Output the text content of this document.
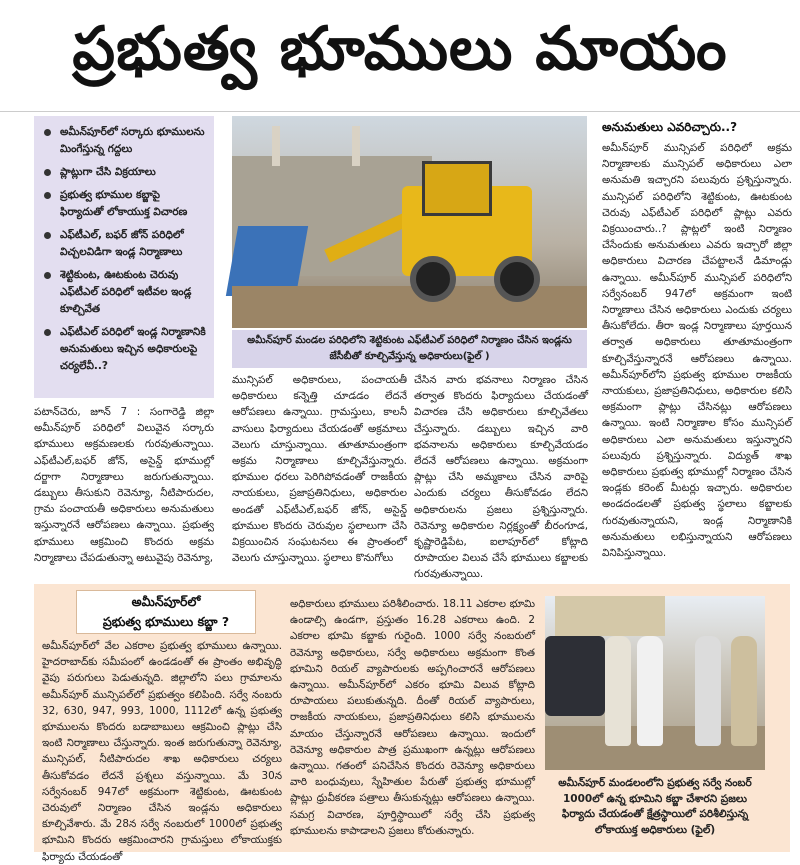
ప్రభుత్వ భూములు మాయం
అమీన్‌పూర్‌లో సర్కారు భూములను మింగేస్తున్న గద్దలు
ప్లాట్లుగా చేసి విక్రయాలు
ప్రభుత్వ భూముల కబ్జాపై ఫిర్యాదుతో లోకాయుక్త విచారణ
ఎఫ్‌టీఎల్, బఫర్ జోన్ పరిధిలో విచ్చలవిడిగా ఇండ్ల నిర్మాణాలు
శెట్టికుంట, ఊటకుంట చెరువు ఎఫ్‌టీఎల్ పరిధిలో ఇటీవల ఇండ్ల కూల్చివేత
ఎఫ్‌టీఎల్ పరిధిలో ఇండ్ల నిర్మాణానికి అనుమతులు ఇచ్చిన అధికారులపై చర్యలేవీ..?
అమీన్‌పూర్ మండల పరిధిలోని శెట్టికుంట ఎఫ్‌టీఎల్ పరిధిలో నిర్మాణం చేసిన ఇండ్లను జేసీబీతో కూల్చివేస్తున్న అధికారులు(ఫైల్ )
పటాన్‌చెరు, జూన్ 7 : సంగారెడ్డి జిల్లా అమీన్‌పూర్ పరిధిలో విలువైన సర్కారు భూములు అక్రమణలకు గురవుతున్నాయి. ఎఫ్‌టీఎల్,బఫర్ జోన్, అసైన్డ్ భూముల్లో దర్జాగా నిర్మాణాలు జరుగుతున్నాయి. డబ్బులు తీసుకుని రెవెన్యూ, నీటిపారుదల, గ్రామ పంచాయతీ అధికారులు అనుమతులు ఇస్తున్నారనే ఆరోపణలు ఉన్నాయి. ప్రభుత్వ భూములు ఆక్రమించి కొందరు అక్రమ నిర్మాణాలు చేపడుతున్నా అటువైపు రెవెన్యూ,
మున్సిపల్ అధికారులు, పంచాయతీ అధికారులు కన్నెత్తి చూడడం లేదనే ఆరోపణలు ఉన్నాయి. గ్రామస్తులు, కాలనీ వాసులు ఫిర్యాదులు చేయడంతో అక్రమాలు వెలుగు చూస్తున్నాయి. తూతూమంత్రంగా అక్రమ నిర్మాణాలు కూల్చివేస్తున్నారు. భూముల ధరలు పెరిగిపోవడంతో రాజకీయ నాయకులు, ప్రజాప్రతినిధులు, అధికారుల అండతో ఎఫ్‌టీఎల్,బఫర్ జోన్, అసైన్డ్ భూముల కొందరు చెరువుల స్థలాలుగా చేసి విక్రయించిన సంఘటనలు ఈ ప్రాంతంలో వెలుగు చూస్తున్నాయి. స్థలాలు కొనుగోలు
చేసిన వారు భవనాలు నిర్మాణం చేసిన తర్వాత కొందరు ఫిర్యాదులు చేయడంతో విచారణ చేసి అధికారులు కూల్చివేతలు చేస్తున్నారు. డబ్బులు ఇచ్చిన వారి భవనాలను అధికారులు కూల్చివేయడం లేదనే ఆరోపణలు ఉన్నాయి. అక్రమంగా ప్లాట్లు చేసి అమ్మకాలు చేసిన వారిపై ఎందుకు చర్యలు తీసుకోవడం లేదని అధికారులను ప్రజలు ప్రశ్నిస్తున్నారు. రెవెన్యూ అధికారుల నిర్లక్ష్యంతో బీరంగూడ, కృష్ణారెడ్డిపేట, ఐలాపూర్‌లో కోట్లాది రూపాయల విలువ చేసే భూములు కబ్జాలకు గురవుతున్నాయి.
అనుమతులు ఎవరిచ్చారు..?
అమీన్‌పూర్ మున్సిపల్ పరిధిలో అక్రమ నిర్మాణాలకు మున్సిపల్ అధికారులు ఎలా అనుమతి ఇచ్చారని పలువురు ప్రశ్నిస్తున్నారు. మున్సిపల్ పరిధిలోని శెట్టికుంట, ఊటకుంట చెరువు ఎఫ్‌టీఎల్ పరిధిలో ప్లాట్లు ఎవరు విక్రయించారు..? ప్లాట్లలో ఇంటి నిర్మాణం చేసేందుకు అనుమతులు ఎవరు ఇచ్చారో జిల్లా అధికారులు విచారణ చేపట్టాలనే డిమాండ్లు ఉన్నాయి. అమీన్‌పూర్ మున్సిపల్ పరిధిలోని సర్వేనంబర్ 947లో అక్రమంగా ఇంటి నిర్మాణాలు చేసిన అధికారులు ఎందుకు చర్యలు తీసుకోలేదు. తీరా ఇండ్ల నిర్మాణాలు పూర్తయిన తర్వాత అధికారులు తూతూమంత్రంగా కూల్చివేస్తున్నారనే ఆరోపణలు ఉన్నాయి. అమీన్‌పూర్‌లోని ప్రభుత్వ భూముల రాజకీయ నాయకులు, ప్రజాప్రతినిధులు, అధికారుల కలిసి అక్రమంగా ప్లాట్లు చేసినట్లు ఆరోపణలు ఉన్నాయి. ఇంటి నిర్మాణాల కోసం మున్సిపల్ అధికారులు ఎలా అనుమతులు ఇస్తున్నారని పలువురు ప్రశ్నిస్తున్నారు. విద్యుత్ శాఖ అధికారులు ప్రభుత్వ భూముల్లో నిర్మాణం చేసిన ఇండ్లకు కరెంట్ మీటర్లు ఇచ్చారు. అధికారుల అండదండలతో ప్రభుత్వ స్థలాలు కబ్జాలకు గురవుతున్నాయని, ఇండ్ల నిర్మాణానికి అనుమతులు లభిస్తున్నాయని ఆరోపణలు వినిపిస్తున్నాయి.
అమీన్‌పూర్‌లో
ప్రభుత్వ భూములు కబ్జా ?
అమీన్‌పూర్‌లో వేల ఎకరాల ప్రభుత్వ భూములు ఉన్నాయి. హైదరాబాద్‌కు సమీపంలో ఉండడంతో ఈ ప్రాంతం అభివృద్ధి వైపు పరుగులు పెడుతున్నది. జిల్లాలోని పలు గ్రామాలను అమీన్‌పూర్ మున్సిపల్‌లో ప్రభుత్వం కలిపింది. సర్వే నంబరు 32, 630, 947, 993, 1000, 1112లో ఉన్న ప్రభుత్వ భూములను కొందరు బడాబాబులు ఆక్రమించి ప్లాట్లు చేసి ఇంటి నిర్మాణాలు చేస్తున్నారు. ఇంత జరుగుతున్నా రెవెన్యూ, మున్సిపల్, నీటిపారుదల శాఖ అధికారులు చర్యలు తీసుకోవడం లేదనే ప్రశ్నలు వస్తున్నాయి. మే 30న సర్వేనంబర్ 947లో అక్రమంగా శెట్టికుంట, ఊటకుంట చెరువులో నిర్మాణం చేసిన ఇండ్లను అధికారులు కూల్చివేశారు. మే 28న సర్వే నంబరులో 1000లో ప్రభుత్వ భూమిని కొందరు ఆక్రమించారని గ్రామస్తులు లోకాయుక్తకు ఫిర్యాదు చేయడంతో
అధికారులు భూములు పరిశీలించారు. 18.11 ఎకరాల భూమి ఉండాల్సి ఉండగా, ప్రస్తుతం 16.28 ఎకరాలు ఉంది. 2 ఎకరాల భూమి కబ్జాకు గురైంది. 1000 సర్వే నంబరులో రెవెన్యూ అధికారులు, సర్వే అధికారులు అక్రమంగా కొంత భూమిని రియల్ వ్యాపారులకు అప్పగించారనే ఆరోపణలు ఉన్నాయి. అమీన్‌పూర్‌లో ఎకరం భూమి విలువ కోట్లాది రూపాయలు పలుకుతున్నది. దీంతో రియల్ వ్యాపారులు, రాజకీయ నాయకులు, ప్రజాప్రతినిధులు కలిసి భూములను మాయం చేస్తున్నారనే ఆరోపణలు ఉన్నాయి. ఇందులో రెవెన్యూ అధికారుల పాత్ర ప్రముఖంగా ఉన్నట్లు ఆరోపణలు ఉన్నాయి. గతంలో పనిచేసిన కొందరు రెవెన్యూ అధికారులు వారి బంధువులు, స్నేహితుల పేరుతో ప్రభుత్వ భూముల్లో ప్లాట్లు ధ్రువీకరణ పత్రాలు తీసుకున్నట్లు ఆరోపణలు ఉన్నాయి. సమగ్ర విచారణ, పూర్తిస్థాయిలో సర్వే చేసి ప్రభుత్వ భూములను కాపాడాలని ప్రజలు కోరుతున్నారు.
అమీన్‌పూర్ మండలంలోని ప్రభుత్వ సర్వే నంబర్ 1000లో ఉన్న భూమిని కబ్జా చేశారని ప్రజలు ఫిర్యాదు చేయడంతో క్షేత్రస్థాయిలో పరిశీలిస్తున్న లోకాయుక్త అధికారులు (ఫైల్)
